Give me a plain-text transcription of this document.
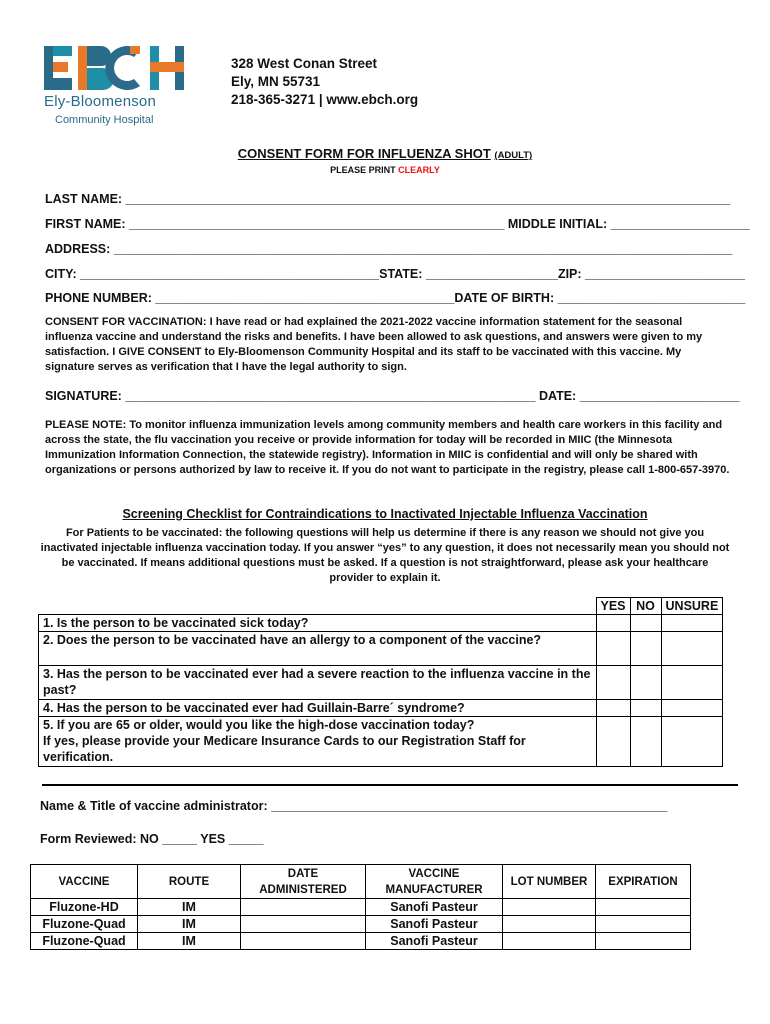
Ely-Bloomenson
Community Hospital
328 West Conan Street
Ely, MN 55731
218-365-3271 | www.ebch.org
CONSENT FORM FOR INFLUENZA SHOT (ADULT)
PLEASE PRINT CLEARLY
LAST NAME: _______________________________________________________________________________________
FIRST NAME: ______________________________________________________ MIDDLE INITIAL: ____________________
ADDRESS: _________________________________________________________________________________________
CITY: ___________________________________________STATE: ___________________ZIP: _______________________
PHONE NUMBER: ___________________________________________DATE OF BIRTH: ___________________________
CONSENT FOR VACCINATION: I have read or had explained the 2021-2022 vaccine information statement for the seasonal influenza vaccine and understand the risks and benefits. I have been allowed to ask questions, and answers were given to my satisfaction. I GIVE CONSENT to Ely-Bloomenson Community Hospital and its staff to be vaccinated with this vaccine. My signature serves as verification that I have the legal authority to sign.
SIGNATURE: ___________________________________________________________ DATE: _______________________
PLEASE NOTE: To monitor influenza immunization levels among community members and health care workers in this facility and across the state, the flu vaccination you receive or provide information for today will be recorded in MIIC (the Minnesota Immunization Information Connection, the statewide registry). Information in MIIC is confidential and will only be shared with organizations or persons authorized by law to receive it. If you do not want to participate in the registry, please call 1-800-657-3970.
Screening Checklist for Contraindications to Inactivated Injectable Influenza Vaccination
For Patients to be vaccinated: the following questions will help us determine if there is any reason we should not give you inactivated injectable influenza vaccination today. If you answer “yes” to any question, it does not necessarily mean you should not be vaccinated. If means additional questions must be asked. If a question is not straightforward, please ask your healthcare provider to explain it.
	YES	NO	UNSURE
1. Is the person to be vaccinated sick today?			
2. Does the person to be vaccinated have an allergy to a component of the vaccine?			
3. Has the person to be vaccinated ever had a severe reaction to the influenza vaccine in the past?			
4. Has the person to be vaccinated ever had Guillain-Barre´ syndrome?			

5. If you are 65 or older, would you like the high-dose vaccination today?
If yes, please provide your Medicare Insurance Cards to our Registration Staff for verification.			

Name & Title of vaccine administrator: _________________________________________________________
Form Reviewed: NO _____ YES _____
VACCINE	ROUTE	DATE ADMINISTERED	VACCINE MANUFACTURER	LOT NUMBER	EXPIRATION
Fluzone-HD	IM		Sanofi Pasteur		
Fluzone-Quad	IM		Sanofi Pasteur		
Fluzone-Quad	IM		Sanofi Pasteur		
